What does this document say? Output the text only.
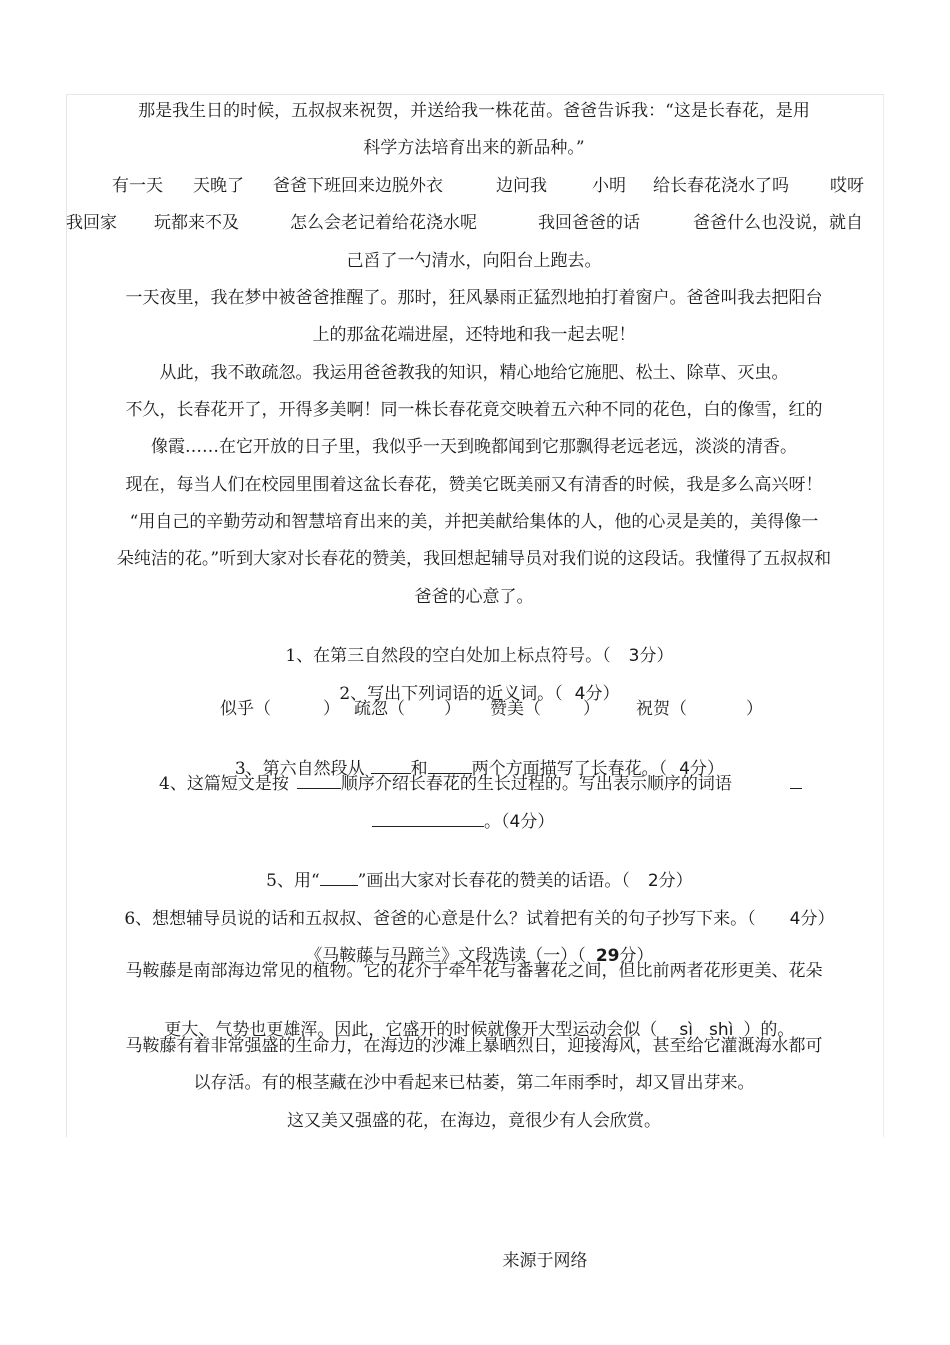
那是我生日的时候，五叔叔来祝贺，并送给我一株花苗。爸爸告诉我：“这是长春花，是用
科学方法培育出来的新品种。”

有一天

天晚了

爸爸下班回来边脱外衣

	边问我

	小明

给长春花浇水了吗

哎呀

我回家

玩都来不及

	怎么会老记着给花浇水呢

	我回爸爸的话

	爸爸什么也没说，就自

己舀了一勺清水，向阳台上跑去。
一天夜里，我在梦中被爸爸推醒了。那时，狂风暴雨正猛烈地拍打着窗户。爸爸叫我去把阳台
上的那盆花端进屋，还特地和我一起去呢！
从此，我不敢疏忽。我运用爸爸教我的知识，精心地给它施肥、松土、除草、灭虫。
不久，长春花开了，开得多美啊！同一株长春花竟交映着五六种不同的花色，白的像雪，红的
像霞……在它开放的日子里，我似乎一天到晚都闻到它那飘得老远老远，淡淡的清香。
现在，每当人们在校园里围着这盆长春花，赞美它既美丽又有清香的时候，我是多么高兴呀！
“用自己的辛勤劳动和智慧培育出来的美，并把美献给集体的人，他的心灵是美的，美得像一
朵纯洁的花。”听到大家对长春花的赞美，我回想起辅导员对我们说的这段话。我懂得了五叔叔和
爸爸的心意了。

1、在第三自然段的空白处加上标点符号。（ 3分）

2、写出下列词语的近义词。（ 4分）

似乎（

	）

疏忽（

）

赞美（

）

祝贺（

	）

3、第六自然段从	和	两个方面描写了长春花。（ 4分）

4、这篇短文是按	顺序介绍长春花的生长过程的。写出表示顺序的词语

。（4分）

5、用“ ”画出大家对长春花的赞美的话语。（ 2分）

6、想想辅导员说的话和五叔叔、爸爸的心意是什么？试着把有关的句子抄写下来。（ 4分）

《马鞍藤与马蹄兰》文段选读（一）（ 29分）

马鞍藤是南部海边常见的植物。它的花介于牵牛花与番薯花之间，但比前两者花形更美、花朵

更大、气势也更雄浑。因此，它盛开的时候就像开大型运动会似（ sì shì ）的。

马鞍藤有着非常强盛的生命力，在海边的沙滩上暴晒烈日，迎接海风，甚至给它灌溉海水都可
以存活。有的根茎藏在沙中看起来已枯萎，第二年雨季时，却又冒出芽来。
这又美又强盛的花，在海边，竟很少有人会欣赏。
来源于网络
